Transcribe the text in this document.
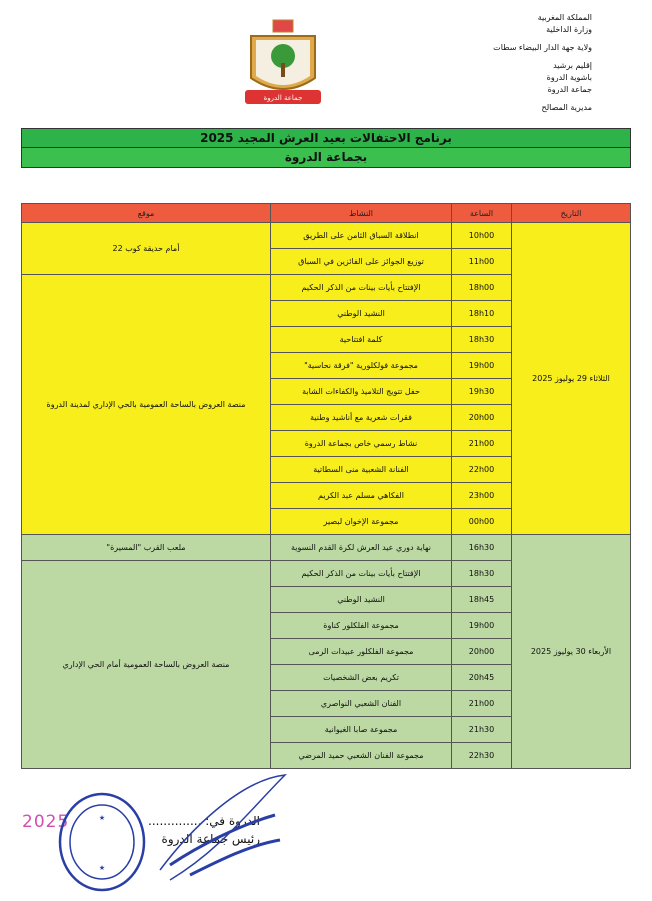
المملكة المغربية
وزارة الداخلية
ولاية جهة الدار البيضاء سطات
إقليم برشيد
باشوية الدروة
جماعة الدروة
مديرية المصالح
جماعة الدروة
برنامج الاحتفالات بعيد العرش المجيد 2025
بجماعة الدروة
التاريخ	الساعة	النشاط	موقع
الثلاثاء 29 يوليوز 2025	10h00	انطلاقة السباق الثامن على الطريق	أمام حديقة كوب 22
	11h00	توزيع الجوائز على الفائزين في السباق	
	18h00	الإفتتاح بأيات بينات من الذكر الحكيم	منصة العروض بالساحة العمومية بالحي الإداري لمدينة الدروة
	18h10	النشيد الوطني	
	18h30	كلمة افتتاحية	
	19h00	مجموعة فولكلورية "فرقة نحاسية"	
	19h30	حفل تتويج التلاميذ والكفاءات الشابة	
	20h00	فقرات شعرية مع أناشيد وطنية	
	21h00	نشاط رسمي خاص بجماعة الدروة	
	22h00	الفنانة الشعبية منى السطاتية	
	23h00	الفكاهي مسلم عبد الكريم	
	00h00	مجموعة الإخوان لبصير	
الأربعاء 30 يوليوز 2025	16h30	نهاية دوري عيد العرش لكرة القدم النسوية	ملعب القرب "المسيرة"
	18h30	الإفتتاح بأيات بينات من الذكر الحكيم	منصة العروض بالساحة العمومية أمام الحي الإداري
	18h45	النشيد الوطني	
	19h00	مجموعة الفلكلور كناوة	
	20h00	مجموعة الفلكلور عبيدات الرمى	
	20h45	تكريم بعض الشخصيات	
	21h00	الفنان الشعبي النواصري	
	21h30	مجموعة صابا الغيوانية	
	22h30	مجموعة الفنان الشعبي حميد المرضي	
2025	الدروة في: ..............
رئيس جماعة الدروة
★
★
